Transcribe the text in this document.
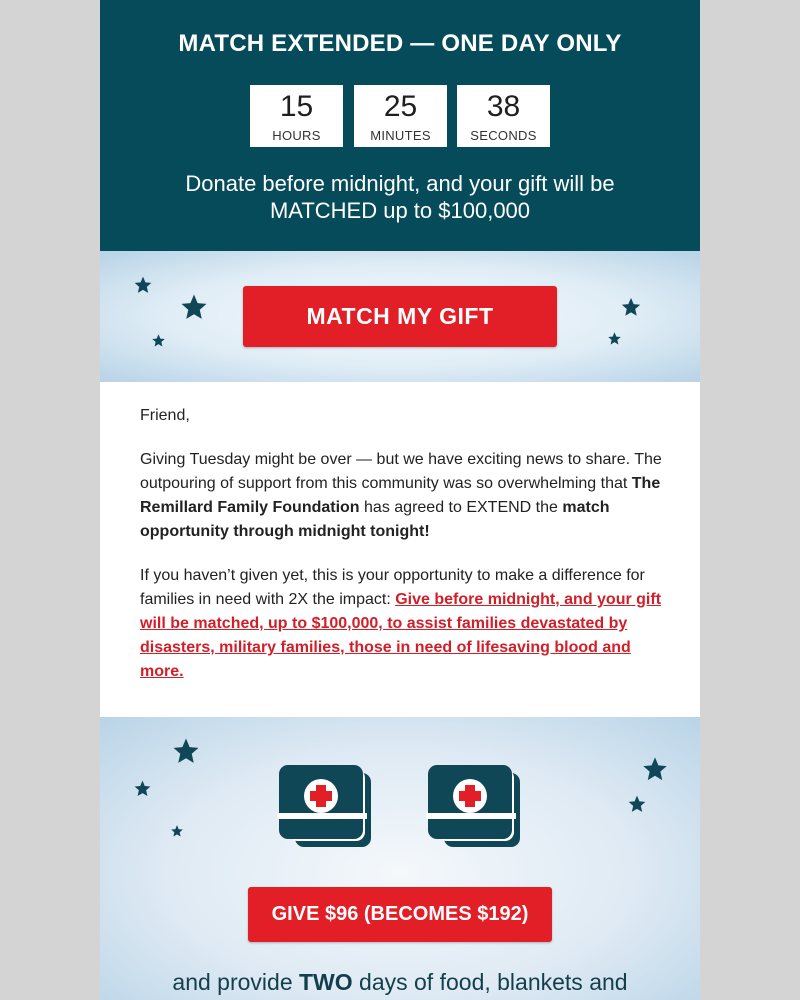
MATCH EXTENDED — ONE DAY ONLY
15
HOURS
25
MINUTES
38
SECONDS
Donate before midnight, and your gift will be
MATCHED up to $100,000
MATCH MY GIFT

Friend,

Giving Tuesday might be over — but we have exciting news to share. The outpouring of support from this community was so overwhelming that The Remillard Family Foundation has agreed to EXTEND the match opportunity through midnight tonight!

If you haven’t given yet, this is your opportunity to make a difference for families in need with 2X the impact: Give before midnight, and your gift will be matched, up to $100,000, to assist families devastated by disasters, military families, those in need of lifesaving blood and more.

GIVE $96 (BECOMES $192)
and provide TWO days of food, blankets and
